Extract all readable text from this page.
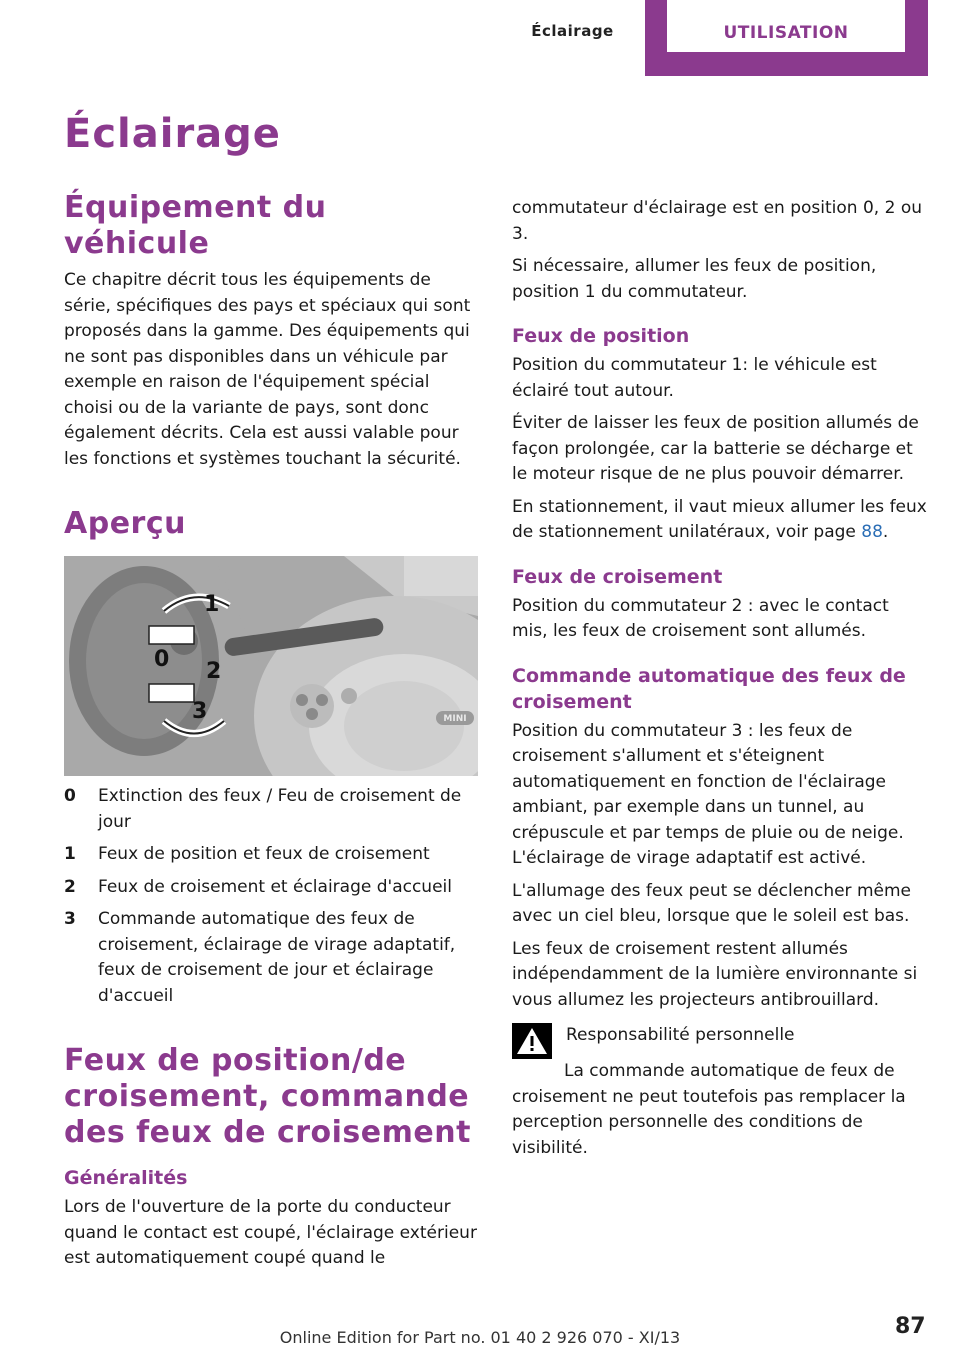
Éclairage	UTILISATION
Éclairage
Équipement du véhicule

Ce chapitre décrit tous les équipements de série, spécifiques des pays et spéciaux qui sont proposés dans la gamme. Des équipements qui ne sont pas disponibles dans un véhicule par exemple en raison de l'équipement spécial choisi ou de la variante de pays, sont donc également décrits. Cela est aussi valable pour les fonctions et systèmes touchant la sécurité.

Aperçu
MINI
1
0 2
3
0	Extinction des feux / Feu de croisement de jour
1	Feux de position et feux de croisement
2	Feux de croisement et éclairage d'accueil
3	Commande automatique des feux de croisement, éclairage de virage adaptatif, feux de croisement de jour et éclairage d'accueil
Feux de position/de croisement, commande des feux de croisement
Généralités

Lors de l'ouverture de la porte du conducteur quand le contact est coupé, l'éclairage extérieur est automatiquement coupé quand le

commutateur d'éclairage est en position 0, 2 ou 3.

Si nécessaire, allumer les feux de position, position 1 du commutateur.

Feux de position

Position du commutateur 1: le véhicule est éclairé tout autour.

Éviter de laisser les feux de position allumés de façon prolongée, car la batterie se décharge et le moteur risque de ne plus pouvoir démarrer.

En stationnement, il vaut mieux allumer les feux de stationnement unilatéraux, voir page 88.

Feux de croisement

Position du commutateur 2 : avec le contact mis, les feux de croisement sont allumés.

Commande automatique des feux de croisement

Position du commutateur 3 : les feux de croisement s'allument et s'éteignent automatiquement en fonction de l'éclairage ambiant, par exemple dans un tunnel, au crépuscule et par temps de pluie ou de neige. L'éclairage de virage adaptatif est activé.

L'allumage des feux peut se déclencher même avec un ciel bleu, lorsque que le soleil est bas.

Les feux de croisement restent allumés indépendamment de la lumière environnante si vous allumez les projecteurs antibrouillard.

Responsabilité personnelle

La commande automatique de feux de croisement ne peut toutefois pas remplacer la perception personnelle des conditions de visibilité.

87
Online Edition for Part no. 01 40 2 926 070 - XI/13
